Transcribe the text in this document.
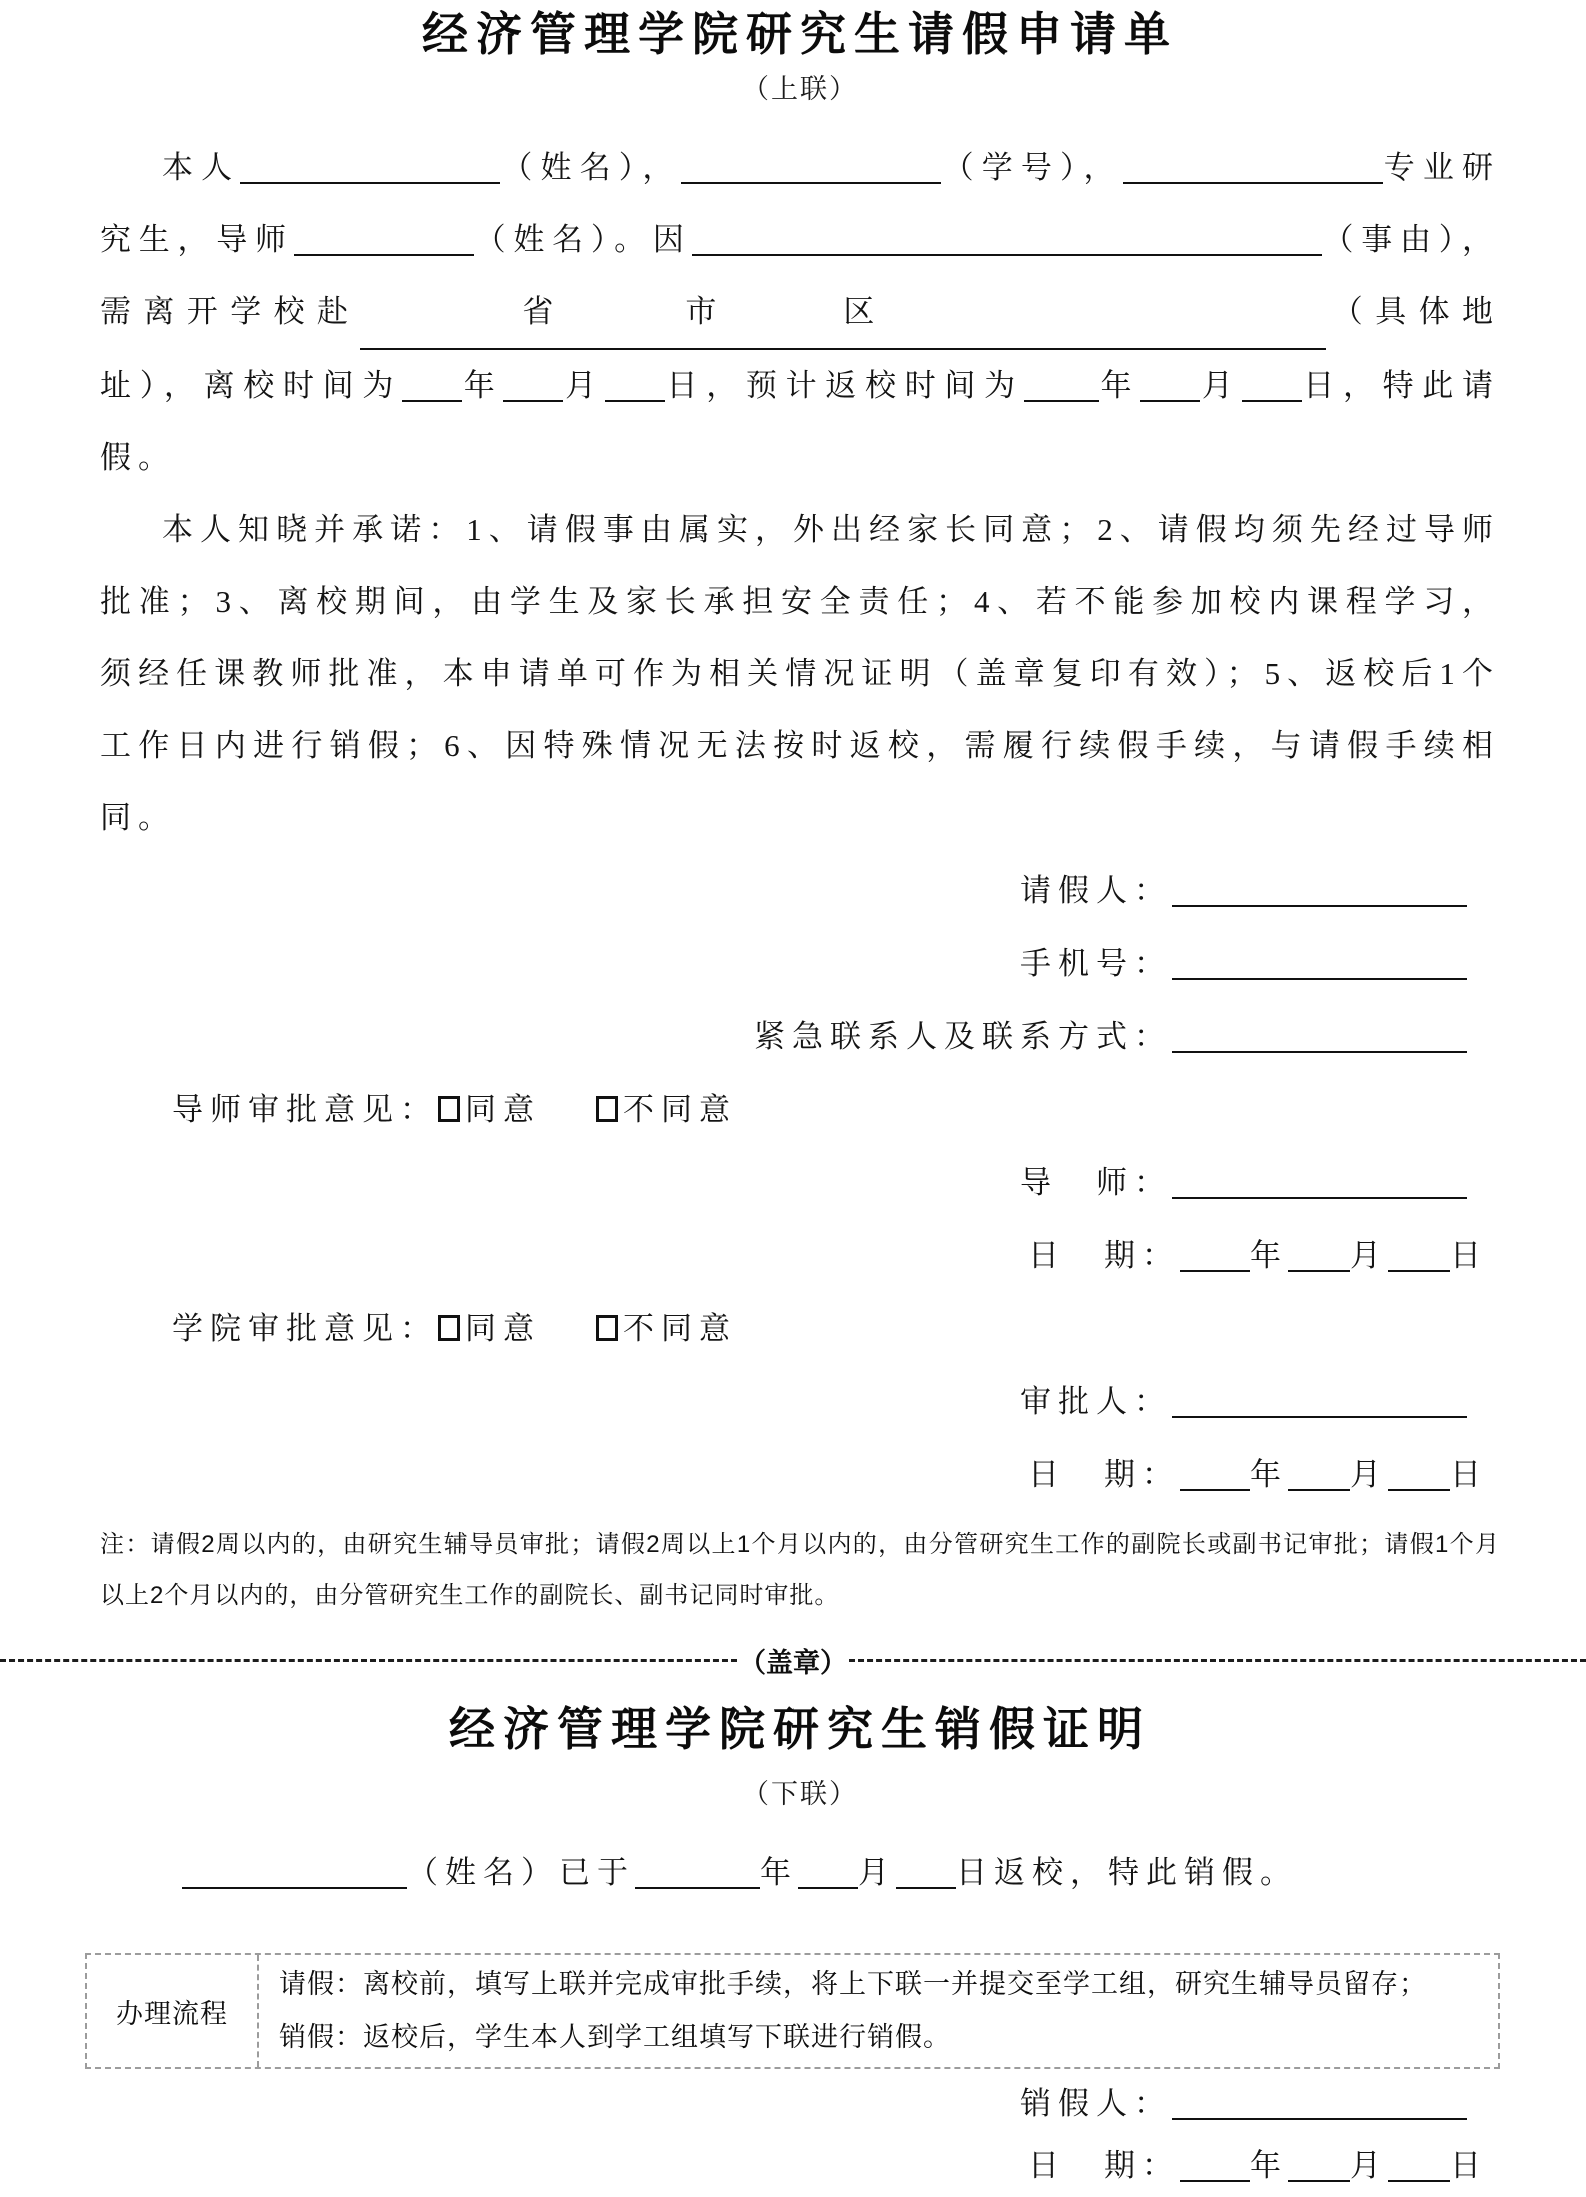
经济管理学院研究生请假申请单
（上联）

本人	（姓名），	（学号），	专业研究生，导师	（姓名）。因	（事由），需离开学校赴	省	市	区	（具体地址），离校时间为 年 月 日，预计返校时间为 年 月 日，特此请假。

本人知晓并承诺：1、请假事由属实，外出经家长同意；2、请假均须先经过导师批准；3、离校期间，由学生及家长承担安全责任；4、若不能参加校内课程学习，须经任课教师批准，本申请单可作为相关情况证明（盖章复印有效）；5、返校后1个工作日内进行销假；6、因特殊情况无法按时返校，需履行续假手续，与请假手续相同。

请假人：
手机号：
紧急联系人及联系方式：
导师审批意见： 同意	不同意
导　师：
日　期： 年 月 日
学院审批意见： 同意	不同意
审批人：
日　期： 年 月 日

注：请假2周以内的，由研究生辅导员审批；请假2周以上1个月以内的，由分管研究生工作的副院长或副书记审批；请假1个月以上2个月以内的，由分管研究生工作的副院长、副书记同时审批。

（盖章）
经济管理学院研究生销假证明
（下联）

（姓名）已于	年 月 日返校，特此销假。

办理流程
请假：离校前，填写上联并完成审批手续，将上下联一并提交至学工组，研究生辅导员留存；
销假：返校后，学生本人到学工组填写下联进行销假。
销假人：
日　期： 年 月 日
